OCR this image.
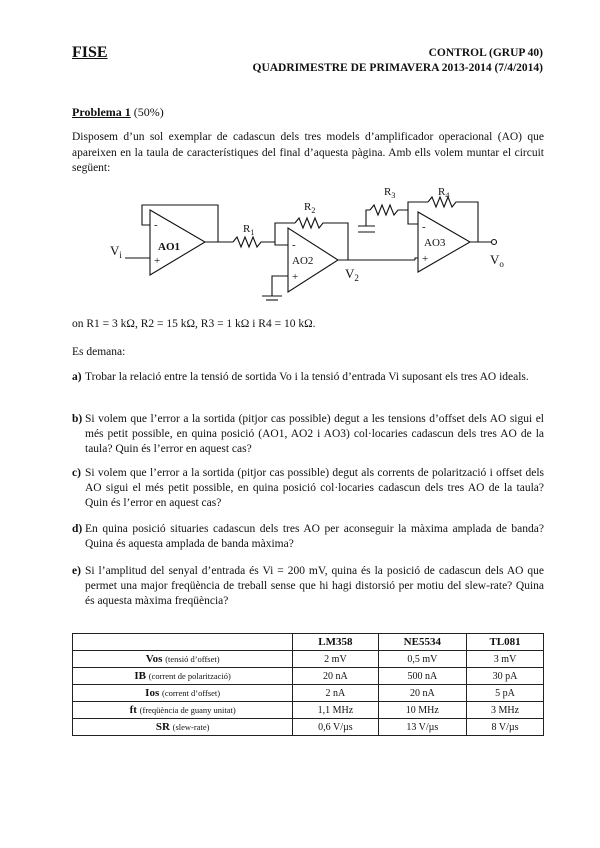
FISE	CONTROL (GRUP 40)
QUADRIMESTRE DE PRIMAVERA 2013-2014 (7/4/2014)
Problema 1 (50%)
Disposem d’un sol exemplar de cadascun dels tres models d’amplificador operacional (AO) que apareixen en la taula de característiques del final d’aquesta pàgina. Amb ells volem muntar el circuit següent:
-
+
AO1	-
+
AO2
-
+
AO3
$R_1$
$R_2$
$R_3$	$R_4$
$V_i$
$V_2$
$V_o$
on R1 = 3 kΩ, R2 = 15 kΩ, R3 = 1 kΩ i R4 = 10 kΩ.
Es demana:
a) Trobar la relació entre la tensió de sortida Vo i la tensió d’entrada Vi suposant els tres AO ideals.
b) Si volem que l’error a la sortida (pitjor cas possible) degut a les tensions d’offset dels AO sigui el més petit possible, en quina posició (AO1, AO2 i AO3) col·locaries cadascun dels tres AO de la taula? Quin és l’error en aquest cas?
c) Si volem que l’error a la sortida (pitjor cas possible) degut als corrents de polarització i offset dels AO sigui el més petit possible, en quina posició col·locaries cadascun dels tres AO de la taula? Quin és l’error en aquest cas?
d) En quina posició situaries cadascun dels tres AO per aconseguir la màxima amplada de banda? Quina és aquesta amplada de banda màxima?
e) Si l’amplitud del senyal d’entrada és Vi = 200 mV, quina és la posició de cadascun dels AO que permet una major freqüència de treball sense que hi hagi distorsió per motiu del slew-rate? Quina és aquesta màxima freqüència?
	LM358	NE5534	TL081
Vos (tensió d’offset)	2 mV	0,5 mV	3 mV
IB (corrent de polarització)	20 nA	500 nA	30 pA
Ios (corrent d’offset)	2 nA	20 nA	5 pA
ft (freqüència de guany unitat)	1,1 MHz	10 MHz	3 MHz
SR (slew-rate)	0,6 V/µs	13 V/µs	8 V/µs
